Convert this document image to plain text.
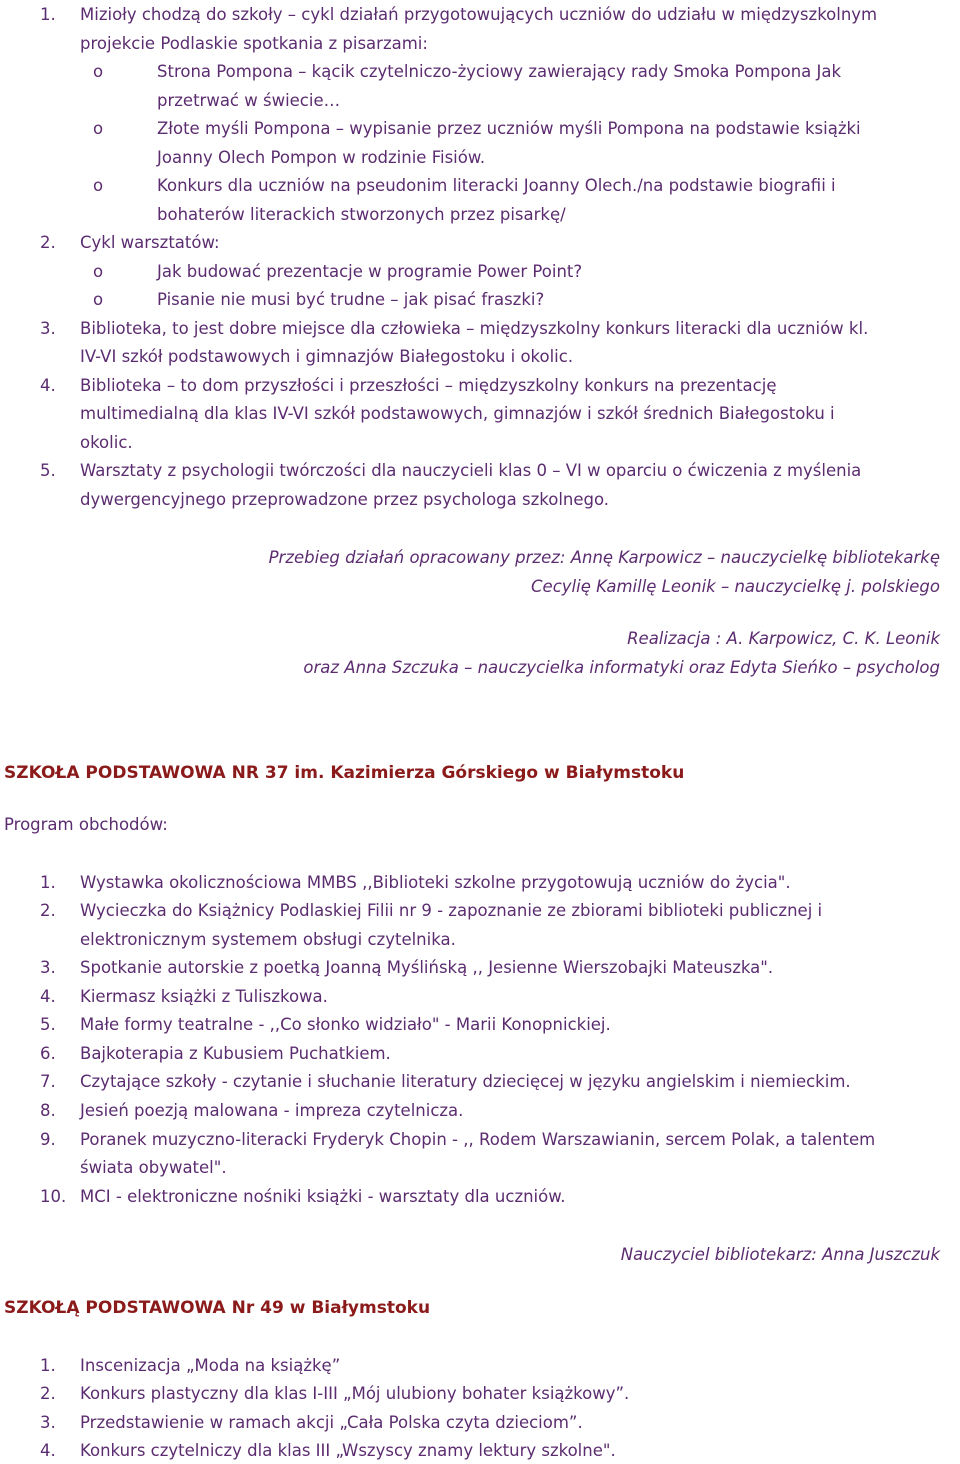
1. Mizioły chodzą do szkoły – cykl działań przygotowujących uczniów do udziału w międzyszkolnym
projekcie Podlaskie spotkania z pisarzami:
o	Strona Pompona – kącik czytelniczo-życiowy zawierający rady Smoka Pompona Jak
przetrwać w świecie…
o	Złote myśli Pompona – wypisanie przez uczniów myśli Pompona na podstawie książki
Joanny Olech Pompon w rodzinie Fisiów.
o	Konkurs dla uczniów na pseudonim literacki Joanny Olech./na podstawie biografii i
bohaterów literackich stworzonych przez pisarkę/
2. Cykl warsztatów:
o	Jak budować prezentacje w programie Power Point?
o	Pisanie nie musi być trudne – jak pisać fraszki?
3. Biblioteka, to jest dobre miejsce dla człowieka – międzyszkolny konkurs literacki dla uczniów kl.
IV-VI szkół podstawowych i gimnazjów Białegostoku i okolic.
4. Biblioteka – to dom przyszłości i przeszłości – międzyszkolny konkurs na prezentację
multimedialną dla klas IV-VI szkół podstawowych, gimnazjów i szkół średnich Białegostoku i
okolic.
5. Warsztaty z psychologii twórczości dla nauczycieli klas 0 – VI w oparciu o ćwiczenia z myślenia
dywergencyjnego przeprowadzone przez psychologa szkolnego.
Przebieg działań opracowany przez: Annę Karpowicz – nauczycielkę bibliotekarkę
Cecylię Kamillę Leonik – nauczycielkę j. polskiego
Realizacja : A. Karpowicz, C. K. Leonik
oraz Anna Szczuka – nauczycielka informatyki oraz Edyta Sieńko – psycholog
SZKOŁA PODSTAWOWA NR 37 im. Kazimierza Górskiego w Białymstoku
Program obchodów:
1. Wystawka okolicznościowa MMBS ,,Biblioteki szkolne przygotowują uczniów do życia".
2. Wycieczka do Książnicy Podlaskiej Filii nr 9 - zapoznanie ze zbiorami biblioteki publicznej i
elektronicznym systemem obsługi czytelnika.
3. Spotkanie autorskie z poetką Joanną Myślińską ,, Jesienne Wierszobajki Mateuszka".
4. Kiermasz książki z Tuliszkowa.
5. Małe formy teatralne - ,,Co słonko widziało" - Marii Konopnickiej.
6. Bajkoterapia z Kubusiem Puchatkiem.
7. Czytające szkoły - czytanie i słuchanie literatury dziecięcej w języku angielskim i niemieckim.
8. Jesień poezją malowana - impreza czytelnicza.
9. Poranek muzyczno-literacki Fryderyk Chopin - ,, Rodem Warszawianin, sercem Polak, a talentem
świata obywatel".
10. MCI - elektroniczne nośniki książki - warsztaty dla uczniów.
Nauczyciel bibliotekarz: Anna Juszczuk
SZKOŁĄ PODSTAWOWA Nr 49 w Białymstoku
1. Inscenizacja „Moda na książkę”
2. Konkurs plastyczny dla klas I-III „Mój ulubiony bohater książkowy”.
3. Przedstawienie w ramach akcji „Cała Polska czyta dzieciom”.
4. Konkurs czytelniczy dla klas III „Wszyscy znamy lektury szkolne".
